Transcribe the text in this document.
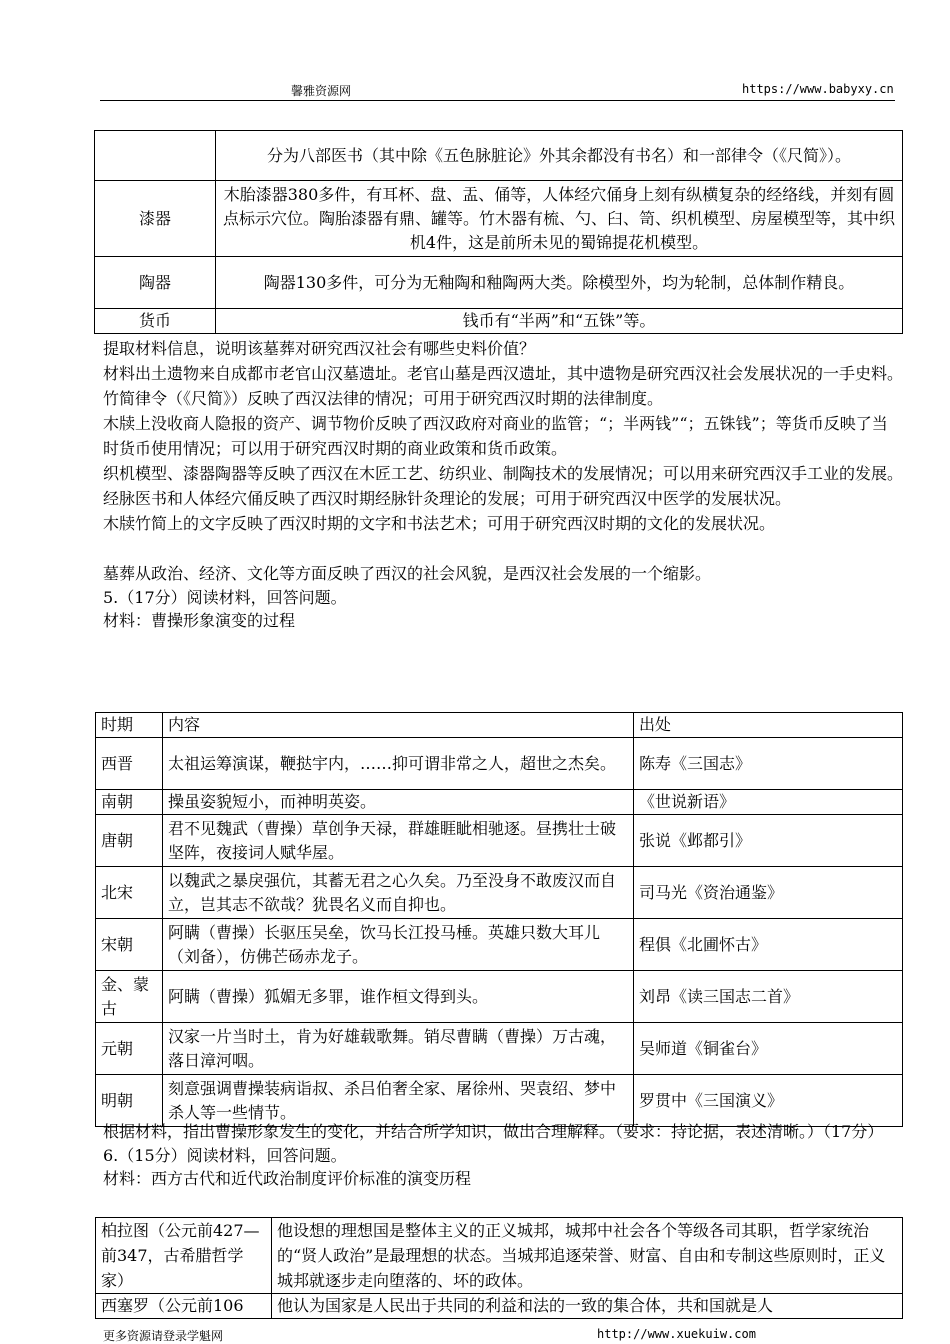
馨雅资源网	https://www.babyxy.cn
	分为八部医书（其中除《五色脉脏论》外其余都没有书名）和一部律令（《尺简》）。
漆器	木胎漆器380多件，有耳杯、盘、盂、俑等，人体经穴俑身上刻有纵横复杂的经络线，并刻有圆点标示穴位。陶胎漆器有鼎、罐等。竹木器有梳、勺、臼、笥、织机模型、房屋模型等，其中织机4件，这是前所未见的蜀锦提花机模型。
陶器	陶器130多件，可分为无釉陶和釉陶两大类。除模型外，均为轮制，总体制作精良。
货币	钱币有“半两”和“五铢”等。

提取材料信息，说明该墓葬对研究西汉社会有哪些史料价值？

材料出土遗物来自成都市老官山汉墓遗址。老官山墓是西汉遗址，其中遗物是研究西汉社会发展状况的一手史料。

竹简律令（《尺简》）反映了西汉法律的情况；可用于研究西汉时期的法律制度。

木牍上没收商人隐报的资产、调节物价反映了西汉政府对商业的监管；“；半两钱”“；五铢钱”；等货币反映了当时货币使用情况；可以用于研究西汉时期的商业政策和货币政策。

织机模型、漆器陶器等反映了西汉在木匠工艺、纺织业、制陶技术的发展情况；可以用来研究西汉手工业的发展。

经脉医书和人体经穴俑反映了西汉时期经脉针灸理论的发展；可用于研究西汉中医学的发展状况。

木牍竹简上的文字反映了西汉时期的文字和书法艺术；可用于研究西汉时期的文化的发展状况。

墓葬从政治、经济、文化等方面反映了西汉的社会风貌，是西汉社会发展的一个缩影。

5.（17分）阅读材料，回答问题。

材料：曹操形象演变的过程

时期	内容	出处
西晋	太祖运筹演谋，鞭挞宇内，……抑可谓非常之人，超世之杰矣。	陈寿《三国志》
南朝	操虽姿貌短小，而神明英姿。	《世说新语》
唐朝	君不见魏武（曹操）草创争天禄，群雄睚眦相驰逐。昼携壮士破坚阵，夜接词人赋华屋。	张说《邺都引》
北宋	以魏武之暴戾强伉，其蓄无君之心久矣。乃至没身不敢废汉而自立，岂其志不欲哉？犹畏名义而自抑也。	司马光《资治通鉴》
宋朝	阿瞒（曹操）长驱压吴垒，饮马长江投马棰。英雄只数大耳儿（刘备），仿佛芒砀赤龙子。	程俱《北圃怀古》
金、蒙古	阿瞒（曹操）狐媚无多罪，谁作桓文得到头。	刘昂《读三国志二首》
元朝	汉家一片当时土，肯为好雄载歌舞。销尽曹瞒（曹操）万古魂，落日漳河咽。	吴师道《铜雀台》
明朝	刻意强调曹操装病诣叔、杀吕伯奢全家、屠徐州、哭袁绍、梦中杀人等一些情节。	罗贯中《三国演义》

根据材料，指出曹操形象发生的变化，并结合所学知识，做出合理解释。（要求：持论据，表述清晰。）（17分）

6.（15分）阅读材料，回答问题。

材料：西方古代和近代政治制度评价标准的演变历程

柏拉图（公元前427—前347，古希腊哲学家）	他设想的理想国是整体主义的正义城邦，城邦中社会各个等级各司其职，哲学家统治的“贤人政治”是最理想的状态。当城邦追逐荣誉、财富、自由和专制这些原则时，正义城邦就逐步走向堕落的、坏的政体。
西塞罗（公元前106	他认为国家是人民出于共同的利益和法的一致的集合体，共和国就是人
更多资源请登录学魁网	http://www.xuekuiw.com
